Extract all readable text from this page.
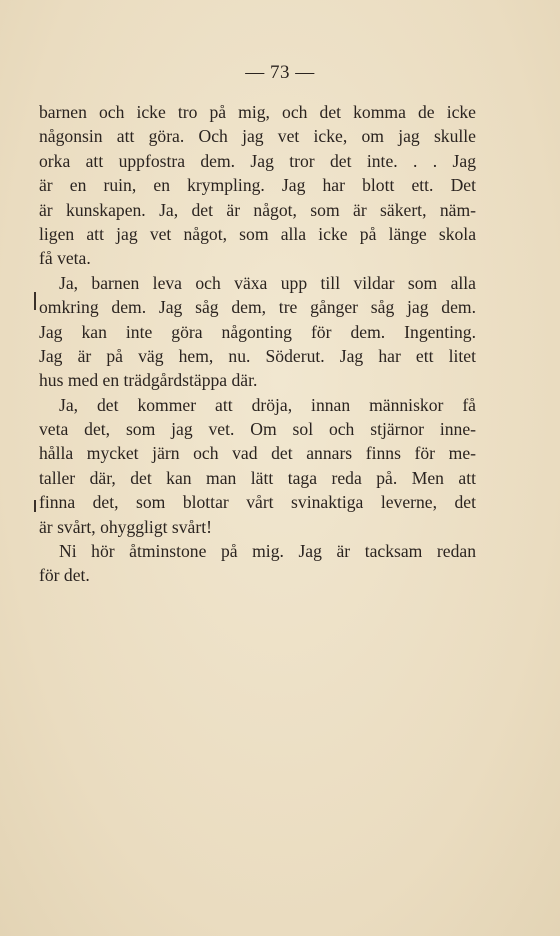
— 73 —
barnen och icke tro på mig, och det komma de icke
någonsin att göra. Och jag vet icke, om jag skulle
orka att uppfostra dem. Jag tror det inte. . . Jag
är en ruin, en krympling. Jag har blott ett. Det
är kunskapen. Ja, det är något, som är säkert, näm-
ligen att jag vet något, som alla icke på länge skola
få veta.
Ja, barnen leva och växa upp till vildar som alla
omkring dem. Jag såg dem, tre gånger såg jag dem.
Jag kan inte göra någonting för dem. Ingenting.
Jag är på väg hem, nu. Söderut. Jag har ett litet
hus med en trädgårdstäppa där.
Ja, det kommer att dröja, innan människor få
veta det, som jag vet. Om sol och stjärnor inne-
hålla mycket järn och vad det annars finns för me-
taller där, det kan man lätt taga reda på. Men att
finna det, som blottar vårt svinaktiga leverne, det
är svårt, ohyggligt svårt!
Ni hör åtminstone på mig. Jag är tacksam redan
för det.
